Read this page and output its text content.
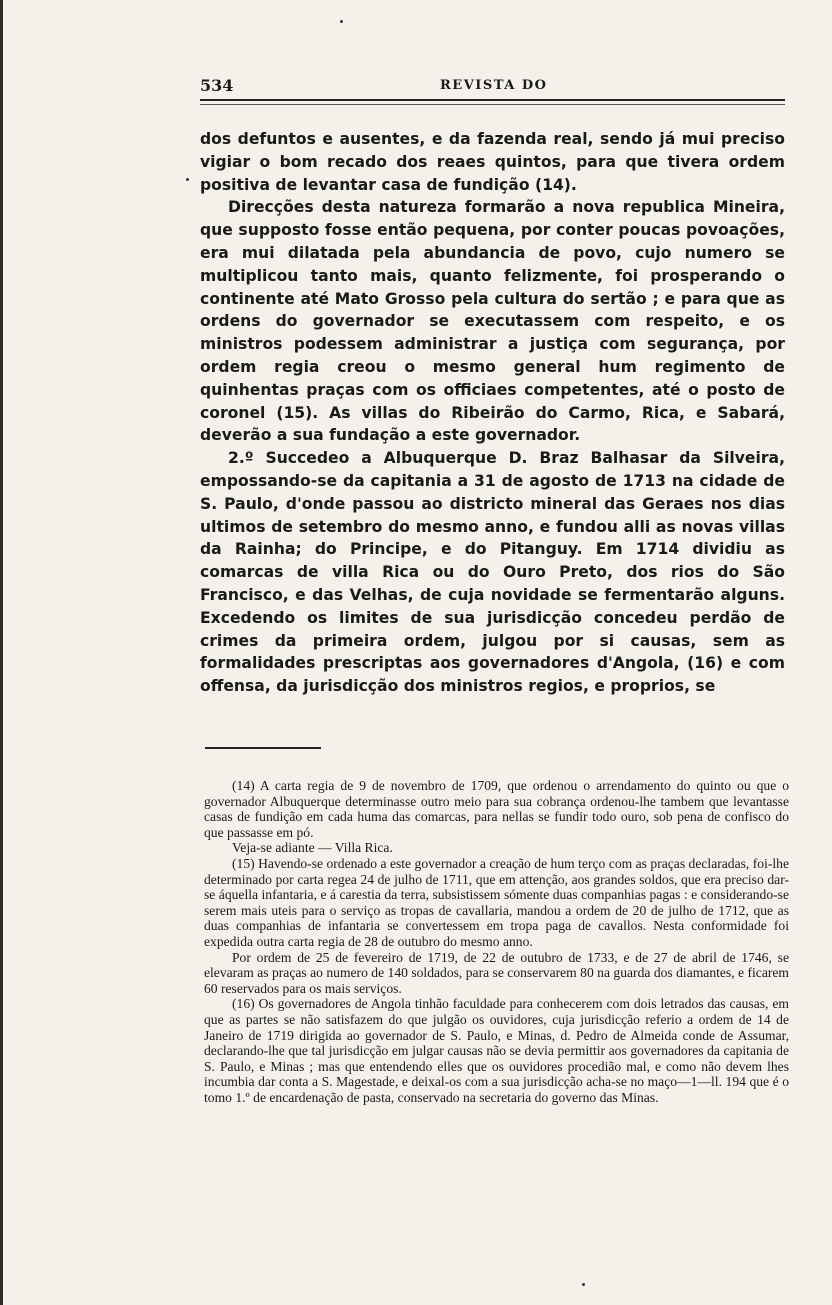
534	REVISTA DO

dos defuntos e ausentes, e da fazenda real, sendo já mui preciso vigiar o bom recado dos reaes quintos, para que tivera ordem positiva de levantar casa de fundição (14).

Direcções desta natureza formarão a nova republica Mineira, que supposto fosse então pequena, por conter poucas povoações, era mui dilatada pela abundancia de povo, cujo numero se multiplicou tanto mais, quanto felizmente, foi prosperando o continente até Mato Grosso pela cultura do sertão ; e para que as ordens do governador se executassem com respeito, e os ministros podessem administrar a justiça com segurança, por ordem regia creou o mesmo general hum regimento de quinhentas praças com os officiaes competentes, até o posto de coronel (15). As villas do Ribeirão do Carmo, Rica, e Sabará, deverão a sua fundação a este governador.

2.º Succedeo a Albuquerque D. Braz Balhasar da Silveira, empossando-se da capitania a 31 de agosto de 1713 na cidade de S. Paulo, d'onde passou ao districto mineral das Geraes nos dias ultimos de setembro do mesmo anno, e fundou alli as novas villas da Rainha; do Principe, e do Pitanguy. Em 1714 dividiu as comarcas de villa Rica ou do Ouro Preto, dos rios do São Francisco, e das Velhas, de cuja novidade se fermentarão alguns. Excedendo os limites de sua jurisdicção concedeu perdão de crimes da primeira ordem, julgou por si causas, sem as formalidades prescriptas aos governadores d'Angola, (16) e com offensa, da jurisdicção dos ministros regios, e proprios, se

(14) A carta regia de 9 de novembro de 1709, que ordenou o arrendamento do quinto ou que o governador Albuquerque determinasse outro meio para sua cobrança ordenou-lhe tambem que levantasse casas de fundição em cada huma das comarcas, para nellas se fundir todo ouro, sob pena de confisco do que passasse em pó.

Veja-se adiante — Villa Rica.

(15) Havendo-se ordenado a este governador a creação de hum terço com as praças declaradas, foi-lhe determinado por carta regea 24 de julho de 1711, que em attenção, aos grandes soldos, que era preciso dar-se áquella infantaria, e á carestia da terra, subsistissem sómente duas companhias pagas : e considerando-se serem mais uteis para o serviço as tropas de cavallaria, mandou a ordem de 20 de julho de 1712, que as duas companhias de infantaria se convertessem em tropa paga de cavallos. Nesta conformidade foi expedida outra carta regia de 28 de outubro do mesmo anno.

Por ordem de 25 de fevereiro de 1719, de 22 de outubro de 1733, e de 27 de abril de 1746, se elevaram as praças ao numero de 140 soldados, para se conservarem 80 na guarda dos diamantes, e ficarem 60 reservados para os mais serviços.

(16) Os governadores de Angola tinhão faculdade para conhecerem com dois letrados das causas, em que as partes se não satisfazem do que julgão os ouvidores, cuja jurisdicção referio a ordem de 14 de Janeiro de 1719 dirigida ao governador de S. Paulo, e Minas, d. Pedro de Almeida conde de Assumar, declarando-lhe que tal jurisdicção em julgar causas não se devia permittir aos governadores da capitania de S. Paulo, e Minas ; mas que entendendo elles que os ouvidores procedião mal, e como não devem lhes incumbia dar conta a S. Magestade, e deixal-os com a sua jurisdicção acha-se no maço—1—ll. 194 que é o tomo 1.º de encardenação de pasta, conservado na secretaria do governo das Minas.
